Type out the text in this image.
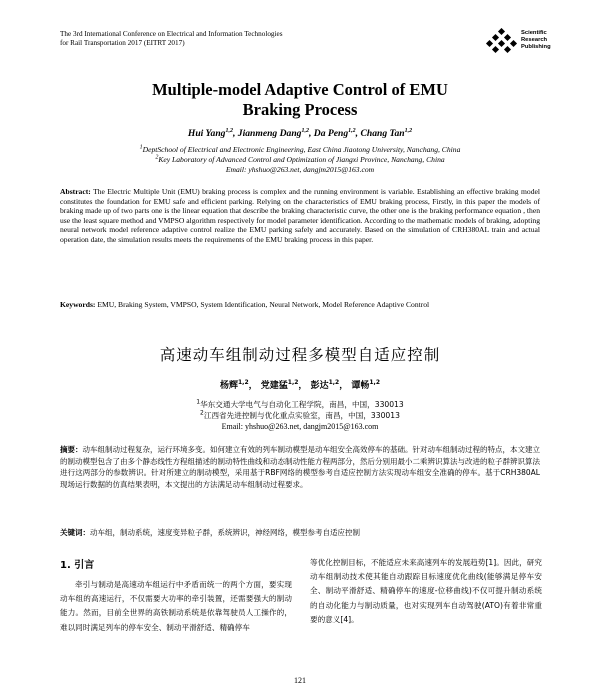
The 3rd International Conference on Electrical and Information Technologies
for Rail Transportation 2017 (EITRT 2017)
Scientific
Research
Publishing
Multiple-model Adaptive Control of EMU
Braking Process
Hui Yang$^{1,2}$, Jianmeng Dang$^{1,2}$, Da Peng$^{1,2}$, Chang Tan$^{1,2}$
$^1$DeptSchool of Electrical and Electronic Engineering, East China Jiaotong University, Nanchang, China
$^2$Key Laboratory of Advanced Control and Optimization of Jiangxi Province, Nanchang, China
Email: yhshuo@263.net, dangjm2015@163.com
Abstract: The Electric Multiple Unit (EMU) braking process is complex and the running environment is variable. Establishing an effective braking model constitutes the foundation for EMU safe and efficient parking. Relying on the characteristics of EMU braking process, Firstly, in this paper the models of braking made up of two parts one is the linear equation that describe the braking characteristic curve, the other one is the braking performance equation , then use the least square method and VMPSO algorithm respectively for model parameter identification. According to the mathematic models of braking, adopting neural network model reference adaptive control realize the EMU parking safely and accurately. Based on the simulation of CRH380AL train and actual operation date, the simulation results meets the requirements of the EMU braking process in this paper.
Keywords: EMU, Braking System, VMPSO, System Identification, Neural Network, Model Reference Adaptive Control
高速动车组制动过程多模型自适应控制
杨辉$^{1,2}$， 党建猛$^{1,2}$， 彭达$^{1,2}$， 谭畅$^{1,2}$
$^1$华东交通大学电气与自动化工程学院，南昌，中国，330013
$^2$江西省先进控制与优化重点实验室，南昌，中国，330013
Email: yhshuo@263.net, dangjm2015@163.com
摘要：动车组制动过程复杂，运行环境多变。如何建立有效的列车制动模型是动车组安全高效停车的基础。针对动车组制动过程的特点，本文建立的制动模型包含了由多个静态线性方程组描述的制动特性曲线和动态制动性能方程两部分，然后分别用最小二乘辨识算法与改进的粒子群辨识算法进行这两部分的参数辨识。针对所建立的制动模型，采用基于RBF网络的模型参考自适应控制方法实现动车组安全准确的停车。基于CRH380AL现场运行数据的仿真结果表明，本文提出的方法满足动车组制动过程要求。
关键词：动车组，制动系统，速度变异粒子群，系统辨识，神经网络，模型参考自适应控制
1. 引言

牵引与制动是高速动车组运行中矛盾而统一的两个方面，要实现动车组的高速运行，不仅需要大功率的牵引装置，还需要强大的制动能力。然而，目前全世界的高铁制动系统是依靠驾驶员人工操作的，难以同时满足列车的停车安全、制动平滑舒适、精确停车

等优化控制目标，不能适应未来高速列车的发展趋势[1]。因此，研究动车组制动技术使其能自动跟踪目标速度优化曲线(能够满足停车安全、制动平滑舒适、精确停车的速度-位移曲线)不仅可提升制动系统的自动化能力与制动质量，也对实现列车自动驾驶(ATO)有着非常重要的意义[4]。

121
